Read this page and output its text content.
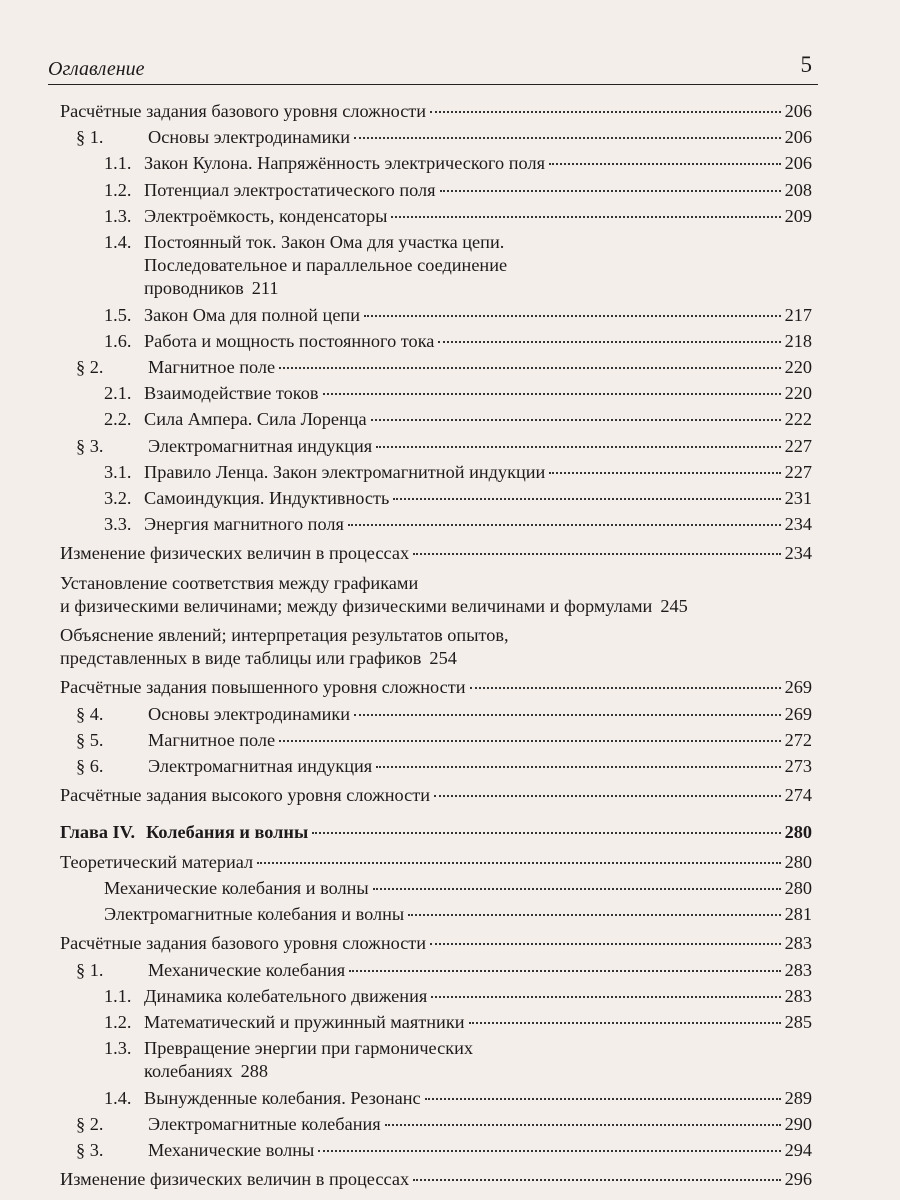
Оглавление	5
Расчётные задания базового уровня сложности	206
§ 1.	Основы электродинамики	206
1.1. Закон Кулона. Напряжённость электрического поля	206
1.2. Потенциал электростатического поля	208
1.3. Электроёмкость, конденсаторы	209
1.4. Постоянный ток. Закон Ома для участка цепи.
Последовательное и параллельное соединение
проводников 211
1.5. Закон Ома для полной цепи	217
1.6. Работа и мощность постоянного тока	218
§ 2.	Магнитное поле	220
2.1. Взаимодействие токов	220
2.2. Сила Ампера. Сила Лоренца	222
§ 3.	Электромагнитная индукция	227
3.1. Правило Ленца. Закон электромагнитной индукции	227
3.2. Самоиндукция. Индуктивность	231
3.3. Энергия магнитного поля	234
Изменение физических величин в процессах	234
Установление соответствия между графиками
и физическими величинами; между физическими величинами и формулами 245
Объяснение явлений; интерпретация результатов опытов,
представленных в виде таблицы или графиков 254
Расчётные задания повышенного уровня сложности	269
§ 4.	Основы электродинамики	269
§ 5.	Магнитное поле	272
§ 6.	Электромагнитная индукция	273
Расчётные задания высокого уровня сложности	274
Глава IV. Колебания и волны	280
Теоретический материал	280
Механические колебания и волны	280
Электромагнитные колебания и волны	281
Расчётные задания базового уровня сложности	283
§ 1.	Механические колебания	283
1.1. Динамика колебательного движения	283
1.2. Математический и пружинный маятники	285
1.3. Превращение энергии при гармонических
колебаниях 288
1.4. Вынужденные колебания. Резонанс	289
§ 2.	Электромагнитные колебания	290
§ 3.	Механические волны	294
Изменение физических величин в процессах	296
